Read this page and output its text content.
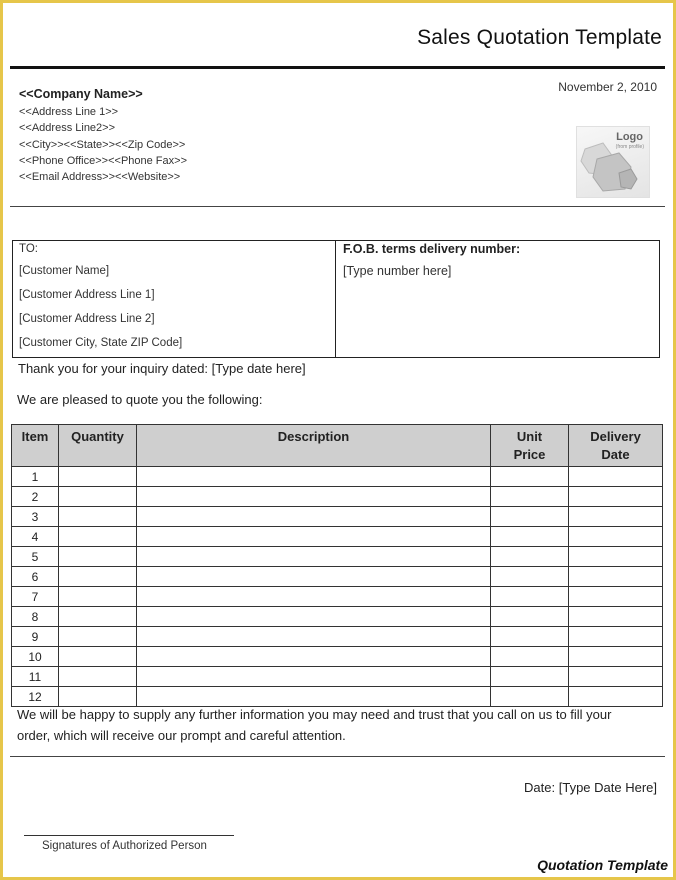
Sales Quotation Template
November 2, 2010
<<Company Name>>
<<Address Line 1>>
<<Address Line2>>
<<City>><<State>><<Zip Code>>
<<Phone Office>><<Phone Fax>>
<<Email Address>><<Website>>
Logo
(from profile)
TO:
[Customer Name]
[Customer Address Line 1]
[Customer Address Line 2]
[Customer City, State ZIP Code]
F.O.B. terms delivery number:
[Type number here]
Thank you for your inquiry dated: [Type date here]
We are pleased to quote you the following:
Item	Quantity	Description	Unit Price	Delivery Date
1				
2				
3				
4				
5				
6				
7				
8				
9				
10				
11				
12				
We will be happy to supply any further information you may need and trust that you call on us to fill your
order, which will receive our prompt and careful attention.
Date: [Type Date Here]
Signatures of Authorized Person
Quotation Template
